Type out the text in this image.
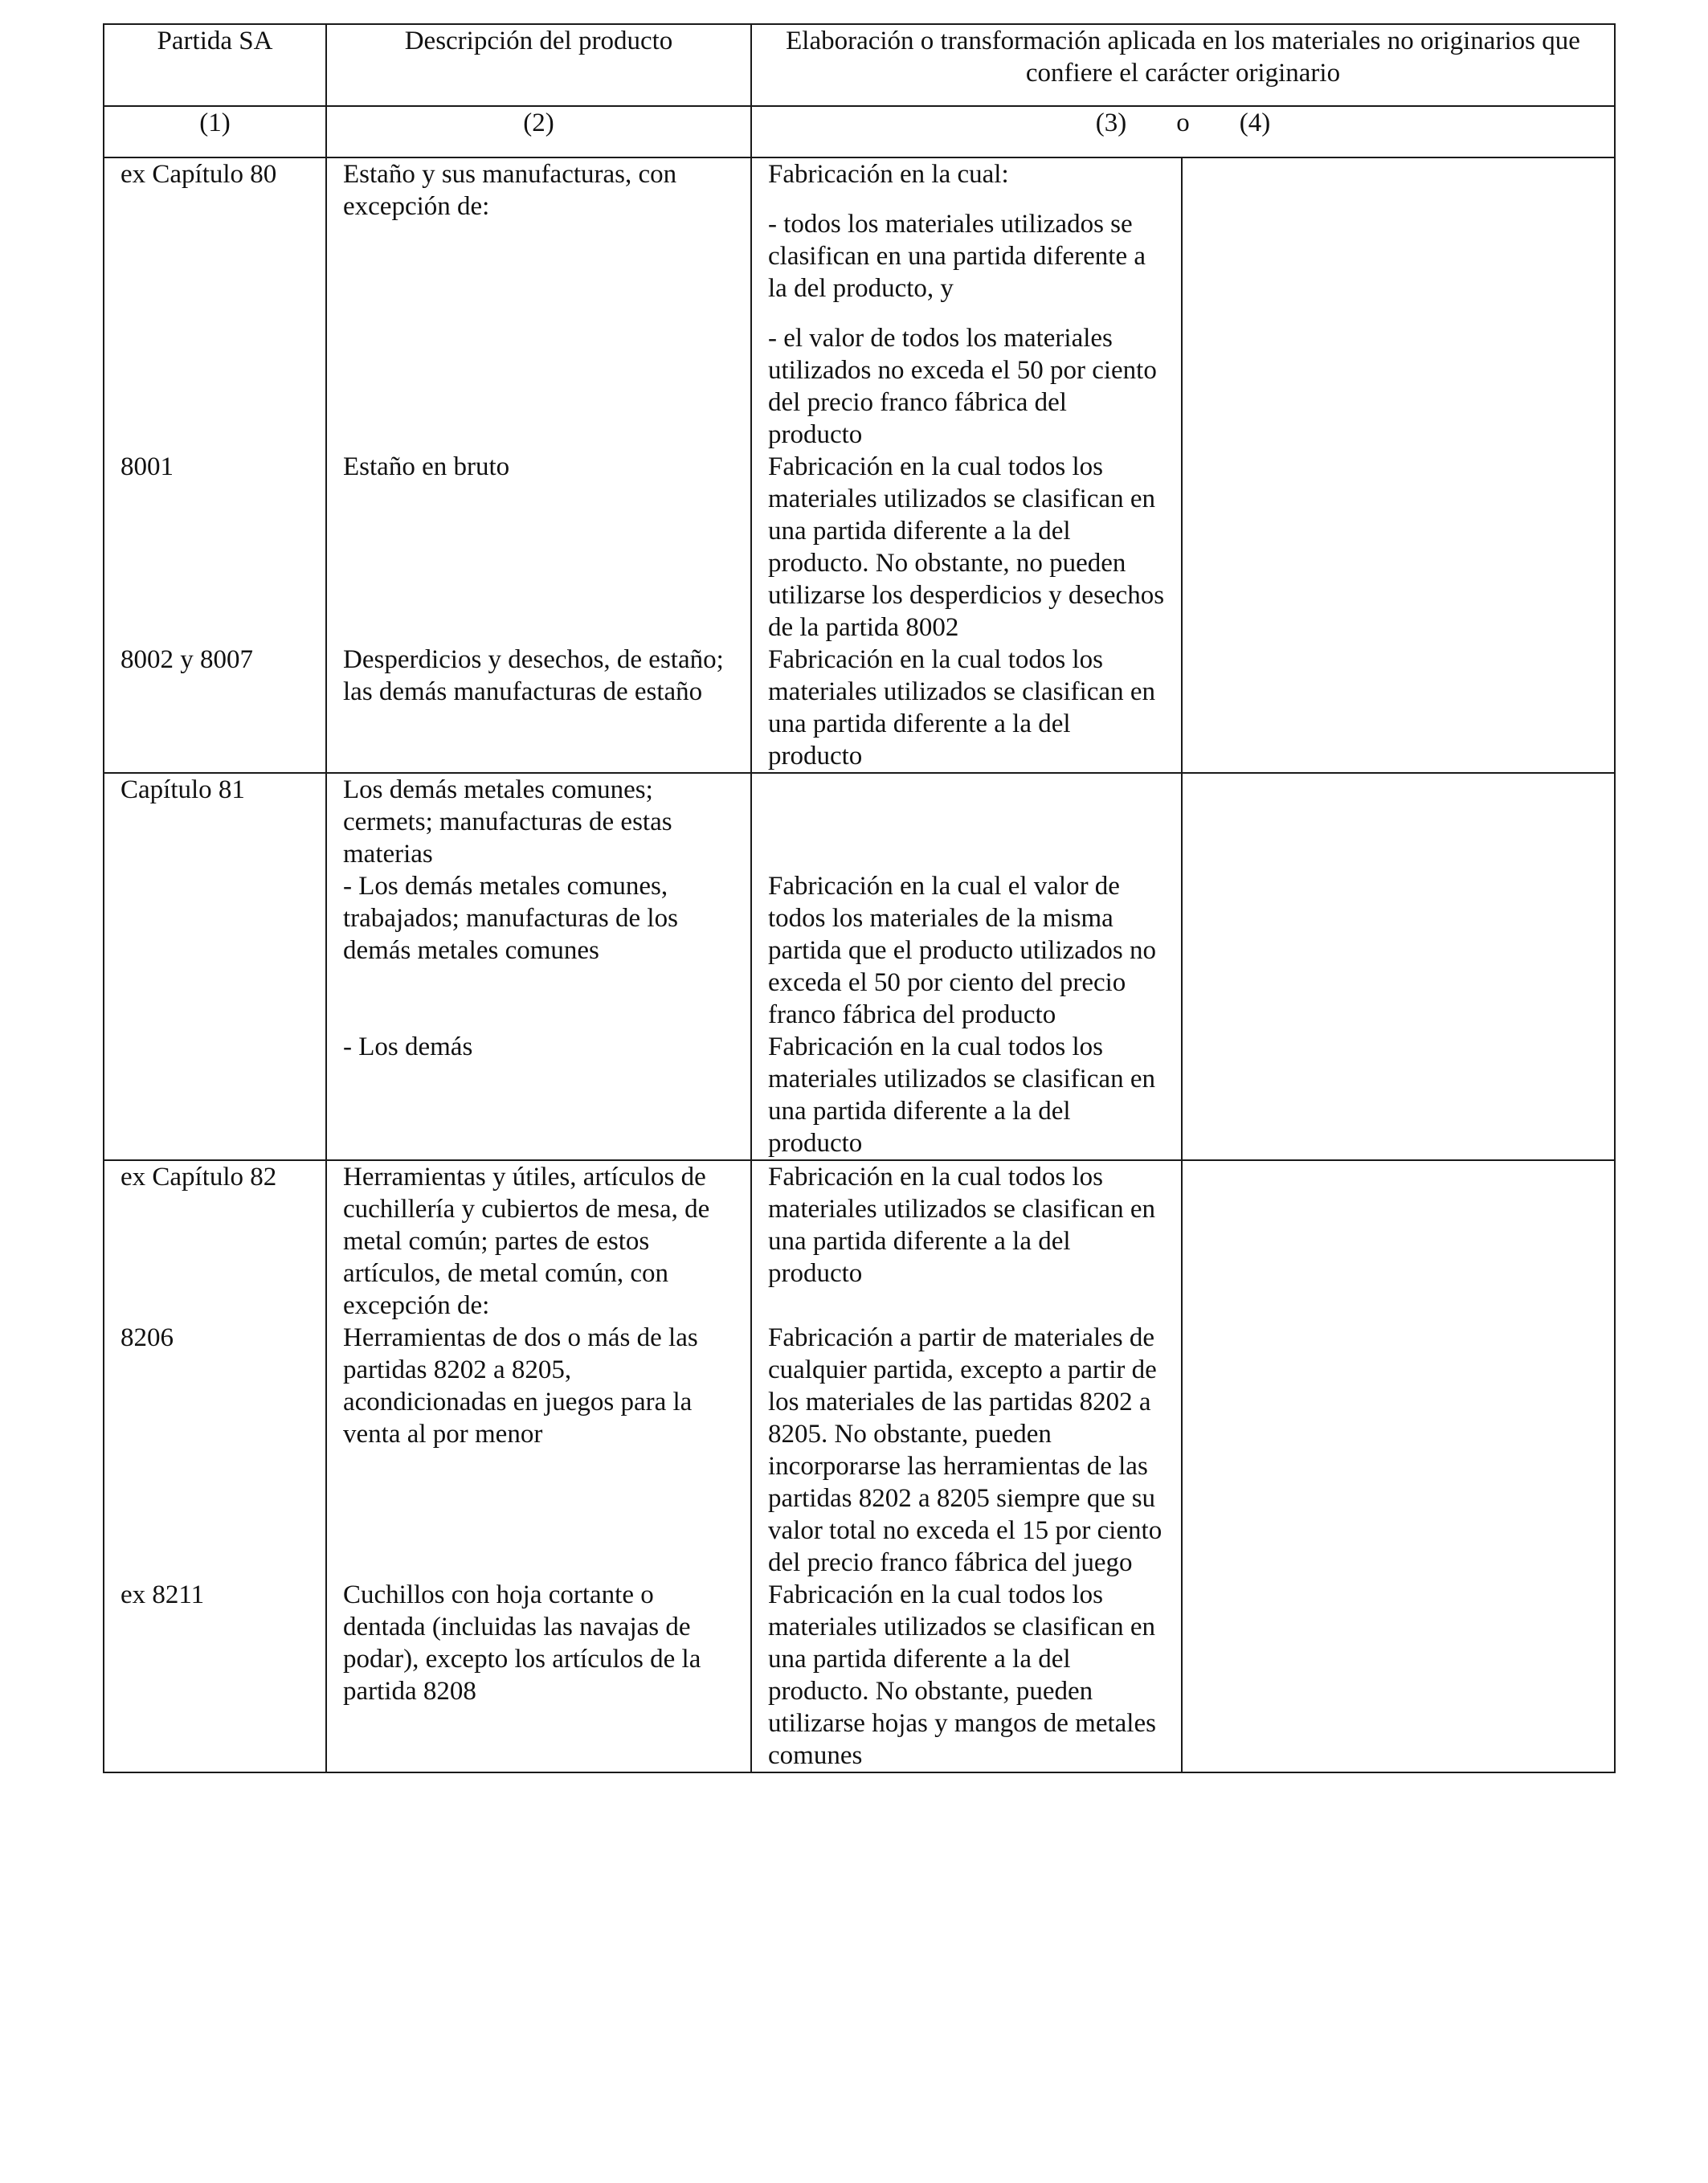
Partida SA	Descripción del producto	Elaboración o transformación aplicada en los materiales no originarios que confiere el carácter originario	
(1)	(2)	(3) o (4)	
ex Capítulo 80	Estaño y sus manufacturas, con excepción de:	Fabricación en la cual:
- todos los materiales utilizados se clasifican en una partida diferente a la del producto, y
- el valor de todos los materiales utilizados no exceda el 50 por ciento del precio franco fábrica del producto	

8001	Estaño en bruto	Fabricación en la cual todos los materiales utilizados se clasifican en una partida diferente a la del producto. No obstante, no pueden utilizarse los desperdicios y desechos de la partida 8002	
8002 y 8007	Desperdicios y desechos, de estaño; las demás manufacturas de estaño	Fabricación en la cual todos los materiales utilizados se clasifican en una partida diferente a la del producto	
Capítulo 81	Los demás metales comunes; cermets; manufacturas de estas materias		
	- Los demás metales comunes, trabajados; manufacturas de los demás metales comunes	Fabricación en la cual el valor de todos los materiales de la misma partida que el producto utilizados no exceda el 50 por ciento del precio franco fábrica del producto	
	- Los demás	Fabricación en la cual todos los materiales utilizados se clasifican en una partida diferente a la del producto	
ex Capítulo 82	Herramientas y útiles, artículos de cuchillería y cubiertos de mesa, de metal común; partes de estos artículos, de metal común, con excepción de:	Fabricación en la cual todos los materiales utilizados se clasifican en una partida diferente a la del producto	
8206	Herramientas de dos o más de las partidas 8202 a 8205, acondicionadas en juegos para la venta al por menor	Fabricación a partir de materiales de cualquier partida, excepto a partir de los materiales de las partidas 8202 a 8205. No obstante, pueden incorporarse las herramientas de las partidas 8202 a 8205 siempre que su valor total no exceda el 15 por ciento del precio franco fábrica del juego	
ex 8211	Cuchillos con hoja cortante o dentada (incluidas las navajas de podar), excepto los artículos de la partida 8208	Fabricación en la cual todos los materiales utilizados se clasifican en una partida diferente a la del producto. No obstante, pueden utilizarse hojas y mangos de metales comunes	
